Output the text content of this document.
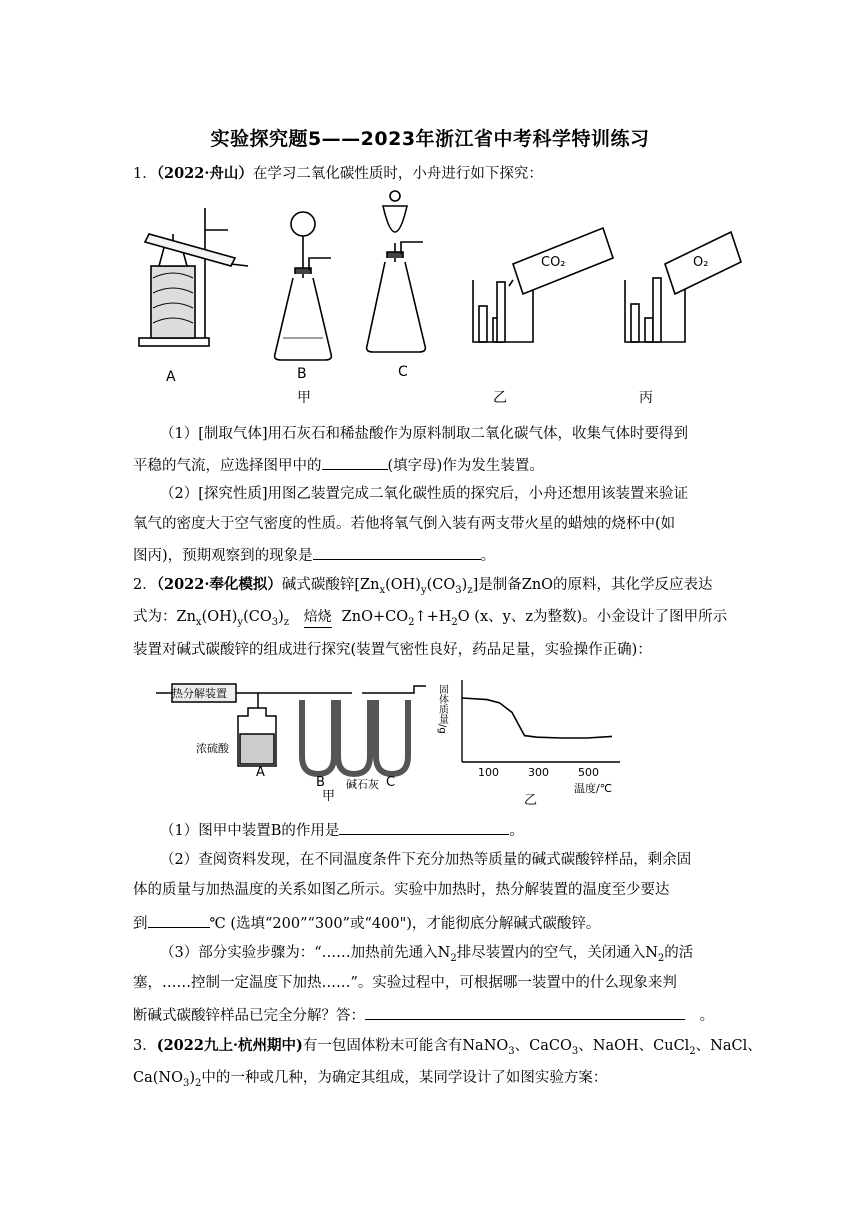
实验探究题5——2023年浙江省中考科学特训练习
1．（2022·舟山）在学习二氧化碳性质时，小舟进行如下探究：
A	B	C
甲	乙	丙
CO₂	O₂
（1）[制取气体]用石灰石和稀盐酸作为原料制取二氧化碳气体，收集气体时要得到
平稳的气流，应选择图甲中的	(填字母)作为发生装置。
（2）[探究性质]用图乙装置完成二氧化碳性质的探究后，小舟还想用该装置来验证
氧气的密度大于空气密度的性质。若他将氧气倒入装有两支带火星的蜡烛的烧杯中(如
图丙)，预期观察到的现象是	。
2．（2022·奉化模拟）碱式碳酸锌$[Zn_x(OH)_y(CO_3)_z]$是制备ZnO的原料，其化学反应表达
式为：$Zn_x(OH)_y(CO_3)_z$ 焙烧 $ZnO+CO_2↑+H_2O$ (x、y、z为整数)。小金设计了图甲所示
装置对碱式碳酸锌的组成进行探究(装置气密性良好，药品足量，实验操作正确)：
热分解装置
浓硫酸
碱石灰
A
B	C
甲
100	300	500
固体质量/g
温度/℃
乙
（1）图甲中装置B的作用是	。
（2）查阅资料发现，在不同温度条件下充分加热等质量的碱式碳酸锌样品，剩余固
体的质量与加热温度的关系如图乙所示。实验中加热时，热分解装置的温度至少要达
到	℃ (选填“200”“300”或“400")，才能彻底分解碱式碳酸锌。
（3）部分实验步骤为：“……加热前先通入$N_2$排尽装置内的空气，关闭通入$N_2$的活
塞，……控制一定温度下加热……”。实验过程中，可根据哪一装置中的什么现象来判
断碱式碳酸锌样品已完全分解？答：	。
3．(2022九上·杭州期中)有一包固体粉末可能含有NaNO$_3$、CaCO$_3$、NaOH、CuCl$_2$、NaCl、
$Ca(NO_3)_2$中的一种或几种，为确定其组成，某同学设计了如图实验方案：
